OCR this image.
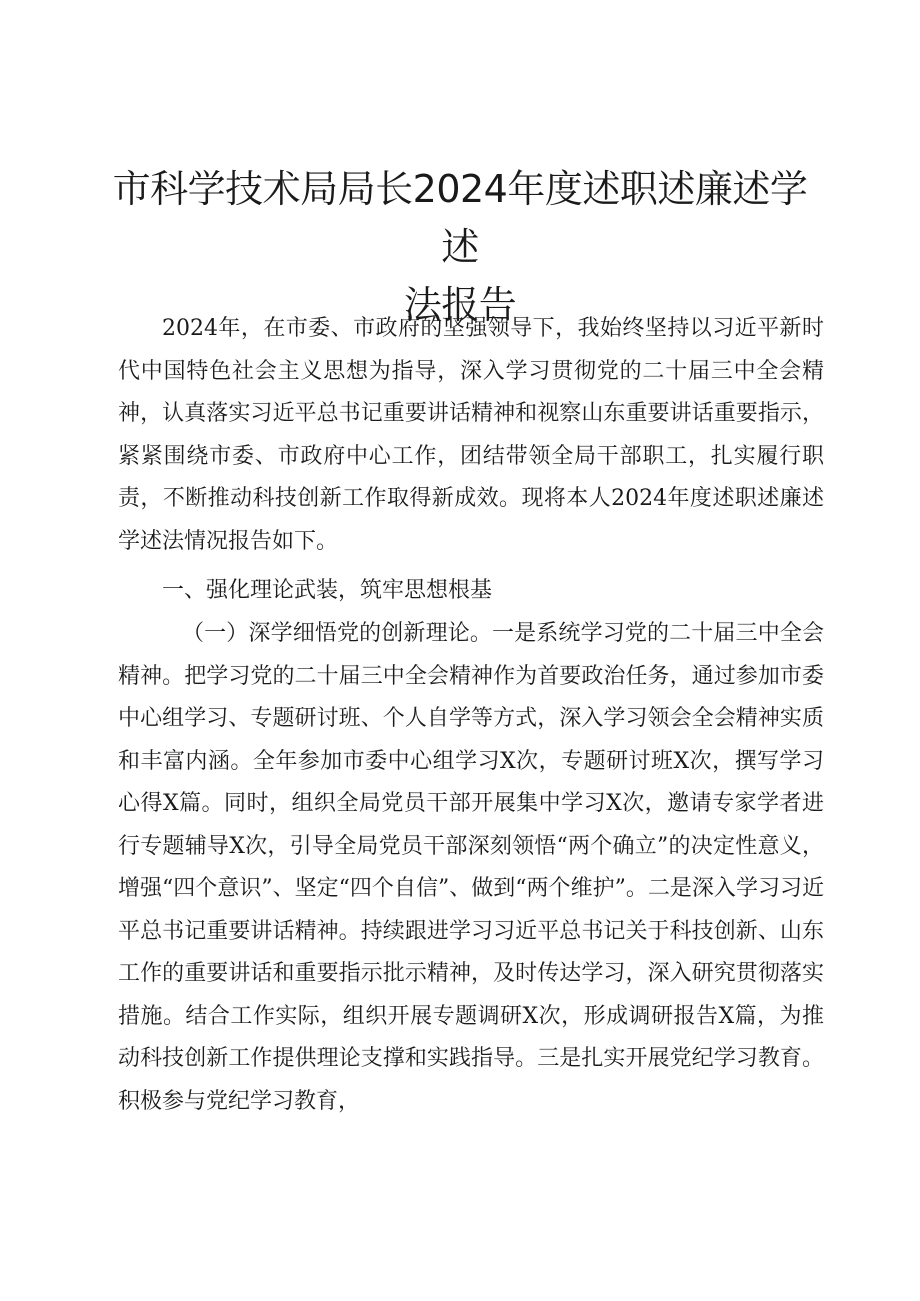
市科学技术局局长2024年度述职述廉述学述
法报告

2024年，在市委、市政府的坚强领导下，我始终坚持以习近平新时代中国特色社会主义思想为指导，深入学习贯彻党的二十届三中全会精神，认真落实习近平总书记重要讲话精神和视察山东重要讲话重要指示，紧紧围绕市委、市政府中心工作，团结带领全局干部职工，扎实履行职责，不断推动科技创新工作取得新成效。现将本人2024年度述职述廉述学述法情况报告如下。

一、强化理论武装，筑牢思想根基

（一）深学细悟党的创新理论。一是系统学习党的二十届三中全会精神。把学习党的二十届三中全会精神作为首要政治任务，通过参加市委中心组学习、专题研讨班、个人自学等方式，深入学习领会全会精神实质和丰富内涵。全年参加市委中心组学习X次，专题研讨班X次，撰写学习心得X篇。同时，组织全局党员干部开展集中学习X次，邀请专家学者进行专题辅导X次，引导全局党员干部深刻领悟“两个确立”的决定性意义，增强“四个意识”、坚定“四个自信”、做到“两个维护”。二是深入学习习近平总书记重要讲话精神。持续跟进学习习近平总书记关于科技创新、山东工作的重要讲话和重要指示批示精神，及时传达学习，深入研究贯彻落实措施。结合工作实际，组织开展专题调研X次，形成调研报告X篇，为推动科技创新工作提供理论支撑和实践指导。三是扎实开展党纪学习教育。积极参与党纪学习教育，
